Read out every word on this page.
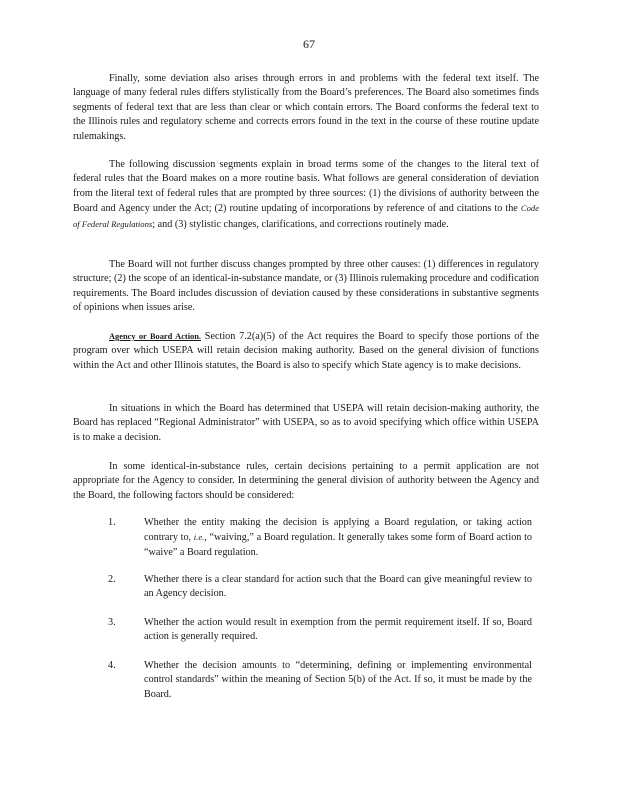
67

Finally, some deviation also arises through errors in and problems with the federal text itself. The language of many federal rules differs stylistically from the Board’s preferences. The Board also sometimes finds segments of federal text that are less than clear or which contain errors. The Board conforms the federal text to the Illinois rules and regulatory scheme and corrects errors found in the text in the course of these routine update rulemakings.

The following discussion segments explain in broad terms some of the changes to the literal text of federal rules that the Board makes on a more routine basis. What follows are general consideration of deviation from the literal text of federal rules that are prompted by three sources: (1) the divisions of authority between the Board and Agency under the Act; (2) routine updating of incorporations by reference of and citations to the Code of Federal Regulations; and (3) stylistic changes, clarifications, and corrections routinely made.

The Board will not further discuss changes prompted by three other causes: (1) differences in regulatory structure; (2) the scope of an identical-in-substance mandate, or (3) Illinois rulemaking procedure and codification requirements. The Board includes discussion of deviation caused by these considerations in substantive segments of opinions when issues arise.

Agency or Board Action. Section 7.2(a)(5) of the Act requires the Board to specify those portions of the program over which USEPA will retain decision making authority. Based on the general division of functions within the Act and other Illinois statutes, the Board is also to specify which State agency is to make decisions.

In situations in which the Board has determined that USEPA will retain decision-making authority, the Board has replaced “Regional Administrator” with USEPA, so as to avoid specifying which office within USEPA is to make a decision.

In some identical-in-substance rules, certain decisions pertaining to a permit application are not appropriate for the Agency to consider. In determining the general division of authority between the Agency and the Board, the following factors should be considered:

1.	Whether the entity making the decision is applying a Board regulation, or taking action contrary to, i.e., “waiving,” a Board regulation. It generally takes some form of Board action to “waive” a Board regulation.
2.	Whether there is a clear standard for action such that the Board can give meaningful review to an Agency decision.
3.	Whether the action would result in exemption from the permit requirement itself. If so, Board action is generally required.
4.	Whether the decision amounts to “determining, defining or implementing environmental control standards” within the meaning of Section 5(b) of the Act. If so, it must be made by the Board.
